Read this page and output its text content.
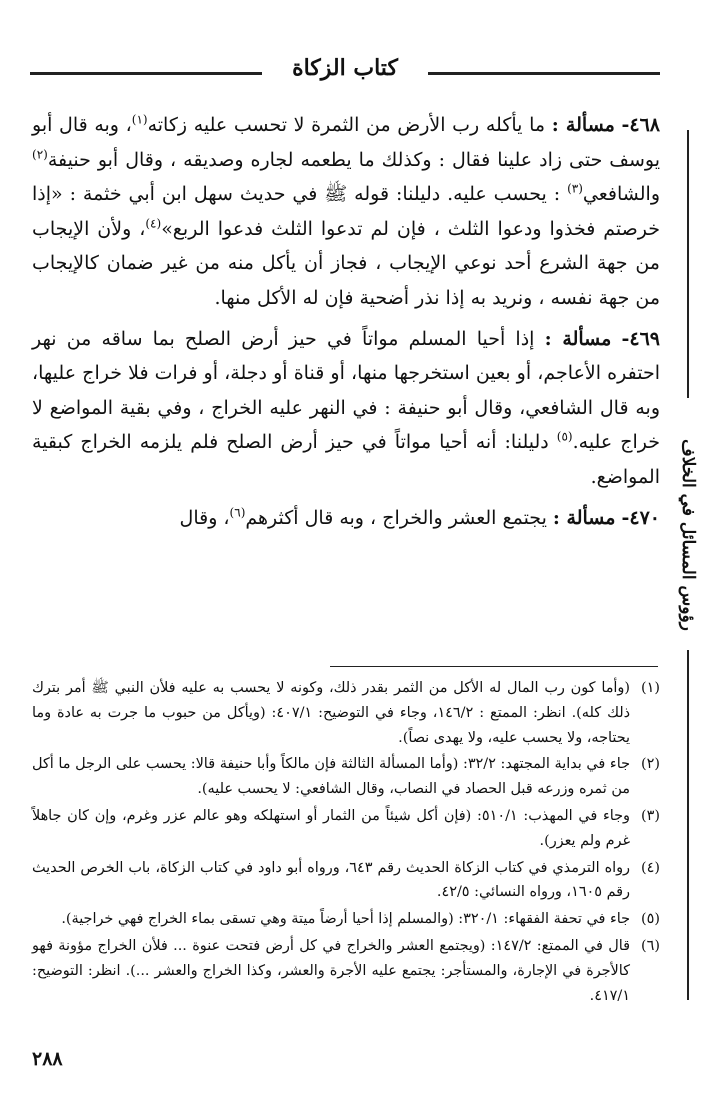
كتاب الزكاة
رؤوس المسائل في الخلاف

٤٦٨- مسألة : ما يأكله رب الأرض من الثمرة لا تحسب عليه زكاته$^{(١)}$، وبه قال أبو يوسف حتى زاد علينا فقال : وكذلك ما يطعمه لجاره وصديقه ، وقال أبو حنيفة$^{(٢)}$ والشافعي$^{(٣)}$ : يحسب عليه. دليلنا: قوله ﷺ في حديث سهل ابن أبي خثمة : «إذا خرصتم فخذوا ودعوا الثلث ، فإن لم تدعوا الثلث فدعوا الربع»$^{(٤)}$، ولأن الإيجاب من جهة الشرع أحد نوعي الإيجاب ، فجاز أن يأكل منه من غير ضمان كالإيجاب من جهة نفسه ، ونريد به إذا نذر أضحية فإن له الأكل منها.

٤٦٩- مسألة : إذا أحيا المسلم مواتاً في حيز أرض الصلح بما ساقه من نهر احتفره الأعاجم، أو بعين استخرجها منها، أو قناة أو دجلة، أو فرات فلا خراج عليها، وبه قال الشافعي، وقال أبو حنيفة : في النهر عليه الخراج ، وفي بقية المواضع لا خراج عليه.$^{(٥)}$ دليلنا: أنه أحيا مواتاً في حيز أرض الصلح فلم يلزمه الخراج كبقية المواضع.

٤٧٠- مسألة : يجتمع العشر والخراج ، وبه قال أكثرهم$^{(٦)}$، وقال

(١)
(وأما كون رب المال له الأكل من الثمر بقدر ذلك، وكونه لا يحسب به عليه فلأن النبي ﷺ أمر بترك ذلك كله). انظر: الممتع : ١٤٦/٢، وجاء في التوضيح: ٤٠٧/١: (ويأكل من حبوب ما جرت به عادة وما يحتاجه، ولا يحسب عليه، ولا يهدى نصاً).
(٢)
جاء في بداية المجتهد: ٣٢/٢: (وأما المسألة الثالثة فإن مالكاً وأبا حنيفة قالا: يحسب على الرجل ما أكل من ثمره وزرعه قبل الحصاد في النصاب، وقال الشافعي: لا يحسب عليه).
(٣)
وجاء في المهذب: ٥١٠/١: (فإن أكل شيئاً من الثمار أو استهلكه وهو عالم عزر وغرم، وإن كان جاهلاً غرم ولم يعزر).
(٤)
رواه الترمذي في كتاب الزكاة الحديث رقم ٦٤٣، ورواه أبو داود في كتاب الزكاة، باب الخرص الحديث رقم ١٦٠٥، ورواه النسائي: ٤٢/٥.
(٥)
جاء في تحفة الفقهاء: ٣٢٠/١: (والمسلم إذا أحيا أرضاً ميتة وهي تسقى بماء الخراج فهي خراجية).
(٦)
قال في الممتع: ١٤٧/٢: (ويجتمع العشر والخراج في كل أرض فتحت عنوة ... فلأن الخراج مؤونة فهو كالأجرة في الإجارة، والمستأجر: يجتمع عليه الأجرة والعشر، وكذا الخراج والعشر ...). انظر: التوضيح: ٤١٧/١.
٢٨٨
